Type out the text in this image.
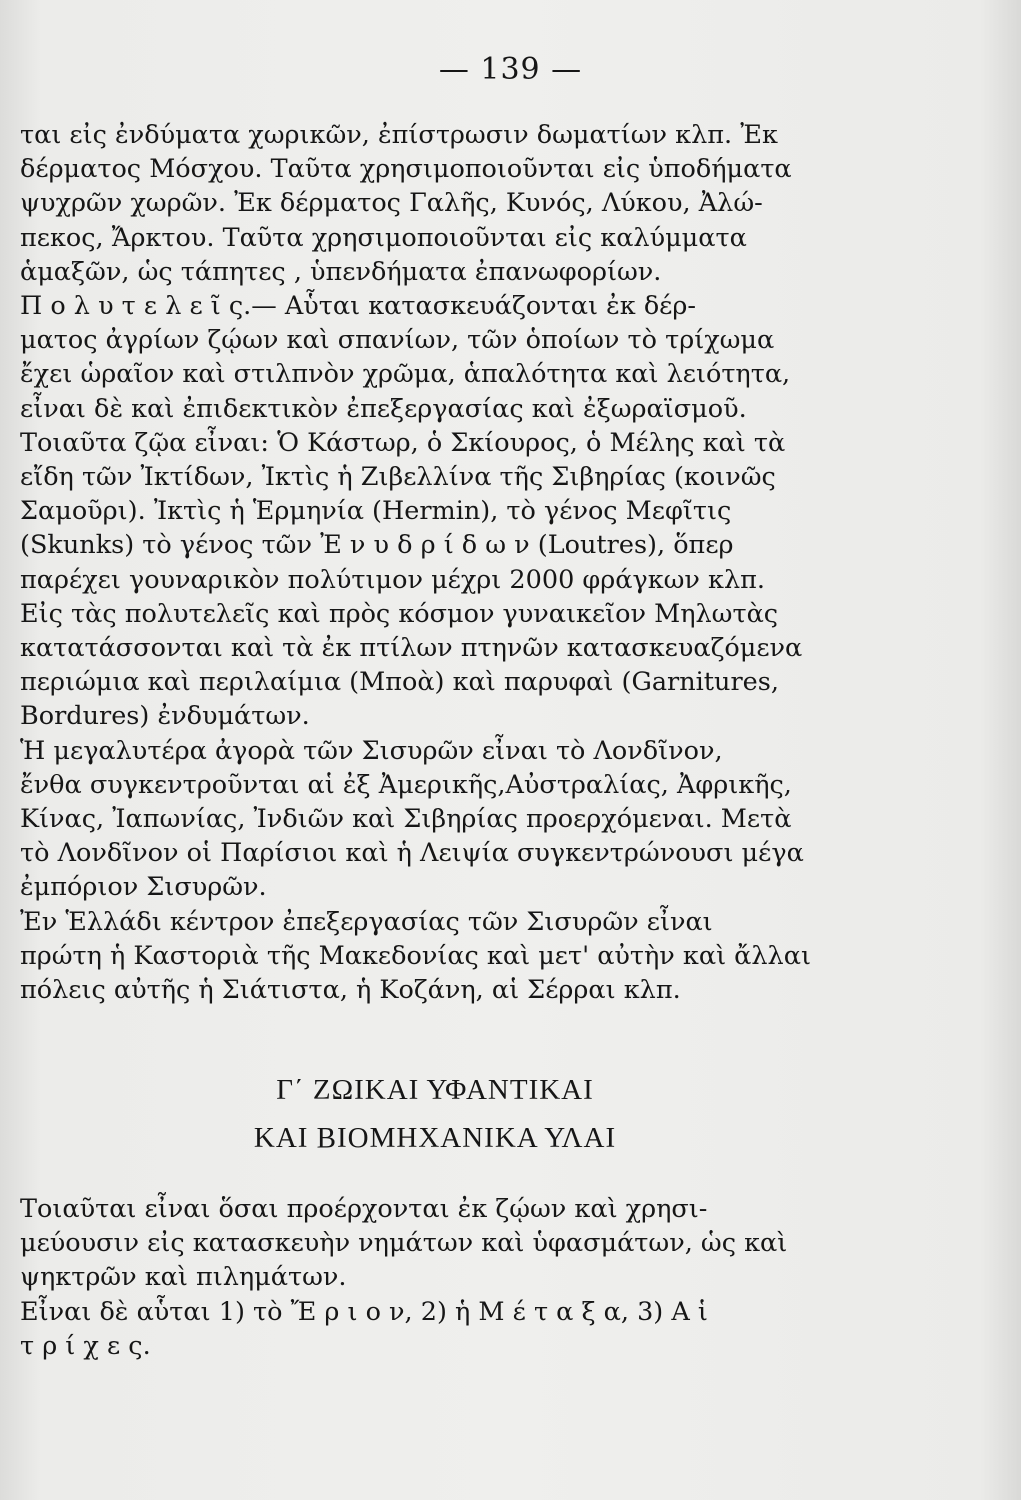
— 139 —
ται εἰς ἐνδύματα χωρικῶν, ἐπίστρωσιν δωματίων κλπ. Ἐκ
δέρματος Μόσχου. Ταῦτα χρησιμοποιοῦνται εἰς ὑποδήματα
ψυχρῶν χωρῶν. Ἐκ δέρματος Γαλῆς, Κυνός, Λύκου, Ἀλώ-
πεκος, Ἄρκτου. Ταῦτα χρησιμοποιοῦνται εἰς καλύμματα
ἁμαξῶν, ὡς τάπητες , ὑπενδήματα ἐπανωφορίων.
Π ο λ υ τ ε λ ε ῖ ς.— Αὗται κατασκευάζονται ἐκ δέρ-
ματος ἀγρίων ζῴων καὶ σπανίων, τῶν ὁποίων τὸ τρίχωμα
ἔχει ὡραῖον καὶ στιλπνὸν χρῶμα, ἁπαλότητα καὶ λειότητα,
εἶναι δὲ καὶ ἐπιδεκτικὸν ἐπεξεργασίας καὶ ἐξωραϊσμοῦ.
Τοιαῦτα ζῷα εἶναι: Ὁ Κάστωρ, ὁ Σκίουρος, ὁ Μέλης καὶ τὰ
εἴδη τῶν Ἰκτίδων, Ἰκτὶς ἡ Ζιβελλίνα τῆς Σιβηρίας (κοινῶς
Σαμοῦρι). Ἰκτὶς ἡ Ἑρμηνία (Hermin), τὸ γένος Μεφῖτις
(Skunks) τὸ γένος τῶν Ἐ ν υ δ ρ ί δ ω ν (Loutres), ὅπερ
παρέχει γουναρικὸν πολύτιμον μέχρι 2000 φράγκων κλπ.
Εἰς τὰς πολυτελεῖς καὶ πρὸς κόσμον γυναικεῖον Μηλωτὰς
κατατάσσονται καὶ τὰ ἐκ πτίλων πτηνῶν κατασκευαζόμενα
περιώμια καὶ περιλαίμια (Μποὰ) καὶ παρυφαὶ (Garnitures,
Bordures) ἐνδυμάτων.
Ἡ μεγαλυτέρα ἀγορὰ τῶν Σισυρῶν εἶναι τὸ Λονδῖνον,
ἔνθα συγκεντροῦνται αἱ ἐξ Ἀμερικῆς,Αὐστραλίας, Ἀφρικῆς,
Κίνας, Ἰαπωνίας, Ἰνδιῶν καὶ Σιβηρίας προερχόμεναι. Μετὰ
τὸ Λονδῖνον οἱ Παρίσιοι καὶ ἡ Λειψία συγκεντρώνουσι μέγα
ἐμπόριον Σισυρῶν.
Ἐν Ἑλλάδι κέντρον ἐπεξεργασίας τῶν Σισυρῶν εἶναι
πρώτη ἡ Καστοριὰ τῆς Μακεδονίας καὶ μετ' αὐτὴν καὶ ἄλλαι
πόλεις αὐτῆς ἡ Σιάτιστα, ἡ Κοζάνη, αἱ Σέρραι κλπ.
Γ΄ ΖΩΙΚΑΙ ΥΦΑΝΤΙΚΑΙ
ΚΑΙ ΒΙΟΜΗΧΑΝΙΚΑ ΥΛΑΙ
Τοιαῦται εἶναι ὅσαι προέρχονται ἐκ ζῴων καὶ χρησι-
μεύουσιν εἰς κατασκευὴν νημάτων καὶ ὑφασμάτων, ὡς καὶ
ψηκτρῶν καὶ πιλημάτων.
Εἶναι δὲ αὗται 1) τὸ Ἔ ρ ι ο ν, 2) ἡ Μ έ τ α ξ α, 3) Α ἱ
τ ρ ί χ ε ς.
